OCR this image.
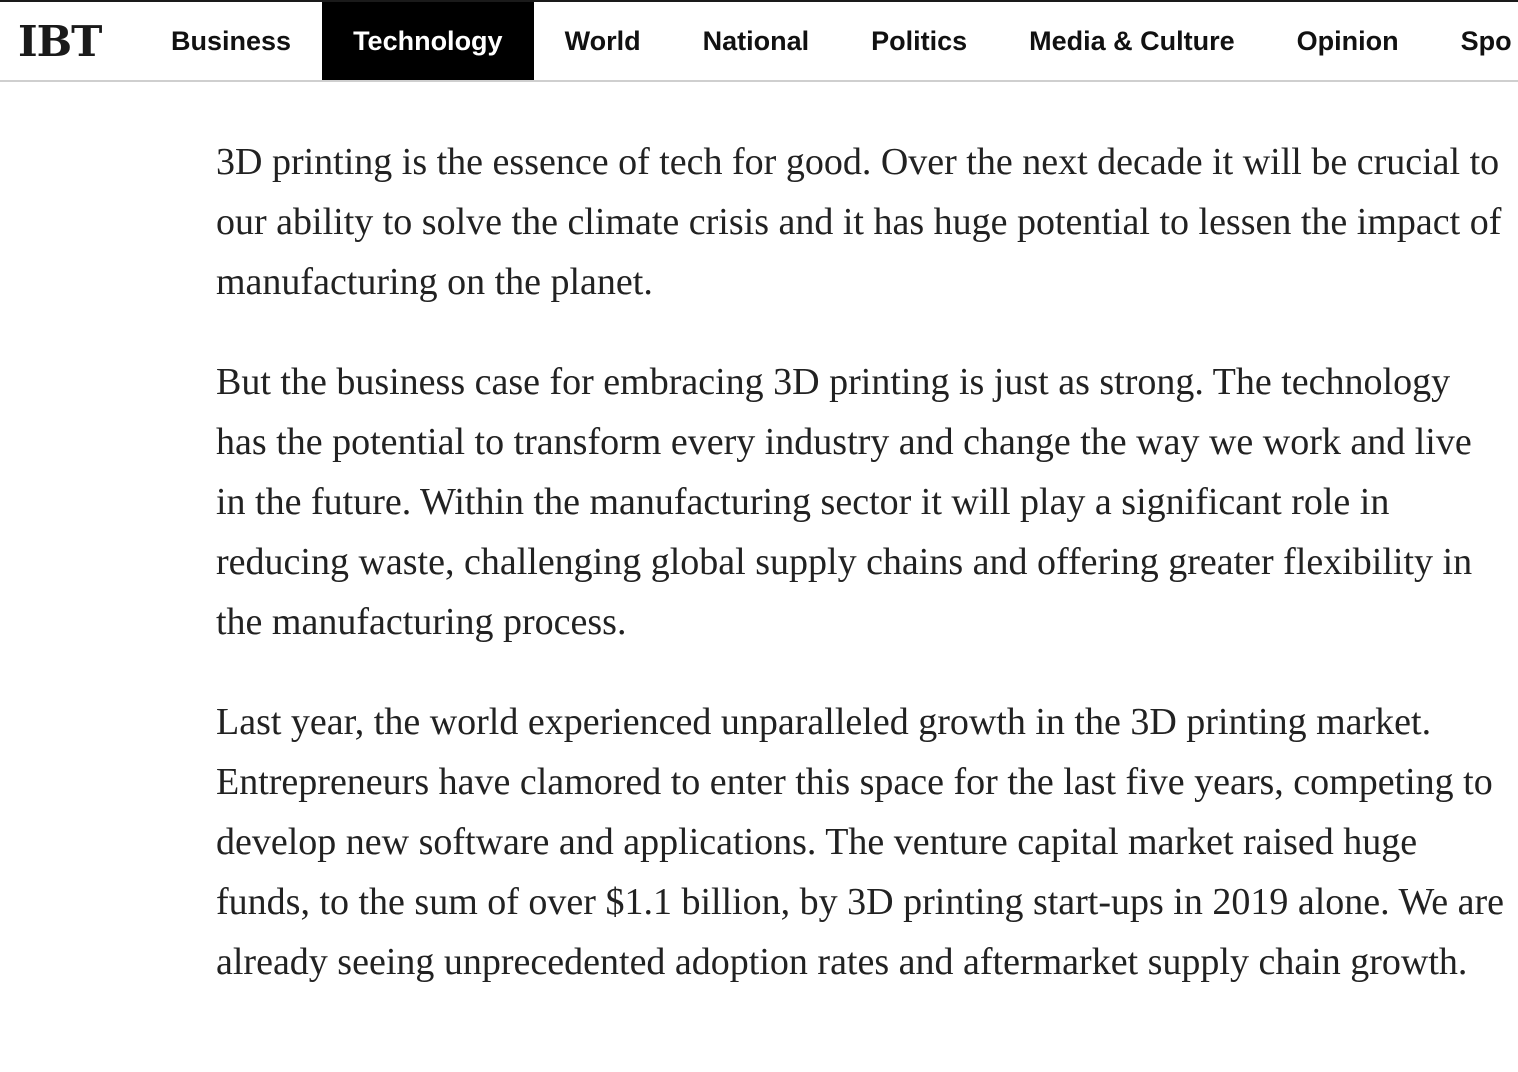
IBT	Business	Technology	World	National	Politics	Media & Culture	Opinion	Spo

3D printing is the essence of tech for good. Over the next decade it will be crucial to our ability to solve the climate crisis and it has huge potential to lessen the impact of manufacturing on the planet.

But the business case for embracing 3D printing is just as strong. The technology has the potential to transform every industry and change the way we work and live in the future. Within the manufacturing sector it will play a significant role in reducing waste, challenging global supply chains and offering greater flexibility in the manufacturing process.

Last year, the world experienced unparalleled growth in the 3D printing market. Entrepreneurs have clamored to enter this space for the last five years, competing to develop new software and applications. The venture capital market raised huge funds, to the sum of over $1.1 billion, by 3D printing start-ups in 2019 alone. We are already seeing unprecedented adoption rates and aftermarket supply chain growth.
